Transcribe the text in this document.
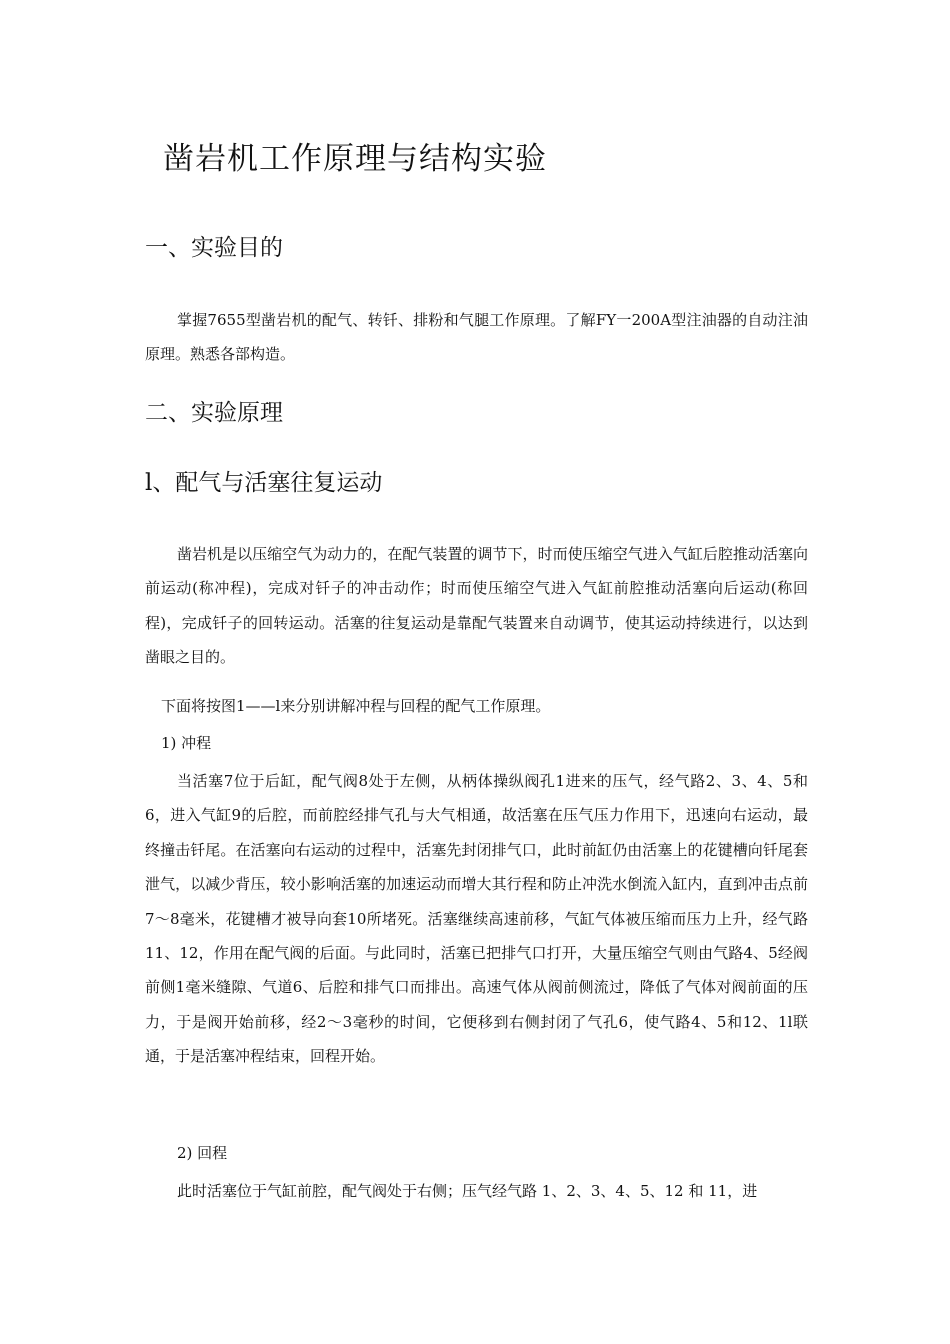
凿岩机工作原理与结构实验
一、实验目的
掌握7655型凿岩机的配气、转钎、排粉和气腿工作原理。了解FY一200A型注油器的自动注油原理。熟悉各部构造。
二、实验原理
l、配气与活塞往复运动
凿岩机是以压缩空气为动力的，在配气装置的调节下，时而使压缩空气进入气缸后腔推动活塞向前运动(称冲程)，完成对钎子的冲击动作；时而使压缩空气进入气缸前腔推动活塞向后运动(称回程)，完成钎子的回转运动。活塞的往复运动是靠配气装置来自动调节，使其运动持续进行，以达到凿眼之目的。
下面将按图1——l来分别讲解冲程与回程的配气工作原理。
1) 冲程
当活塞7位于后缸，配气阀8处于左侧，从柄体操纵阀孔1进来的压气，经气路2、3、4、5和6，进入气缸9的后腔，而前腔经排气孔与大气相通，故活塞在压气压力作用下，迅速向右运动，最终撞击钎尾。在活塞向右运动的过程中，活塞先封闭排气口，此时前缸仍由活塞上的花键槽向钎尾套泄气，以减少背压，较小影响活塞的加速运动而增大其行程和防止冲洗水倒流入缸内，直到冲击点前7～8毫米，花键槽才被导向套10所堵死。活塞继续高速前移，气缸气体被压缩而压力上升，经气路 11、12，作用在配气阀的后面。与此同时，活塞已把排气口打开，大量压缩空气则由气路4、5经阀前侧1毫米缝隙、气道6、后腔和排气口而排出。高速气体从阀前侧流过，降低了气体对阀前面的压力，于是阀开始前移，经2～3毫秒的时间，它便移到右侧封闭了气孔6，使气路4、5和12、1l联通，于是活塞冲程结束，回程开始。
2) 回程
此时活塞位于气缸前腔，配气阀处于右侧；压气经气路 1、2、3、4、5、12 和 11，进
